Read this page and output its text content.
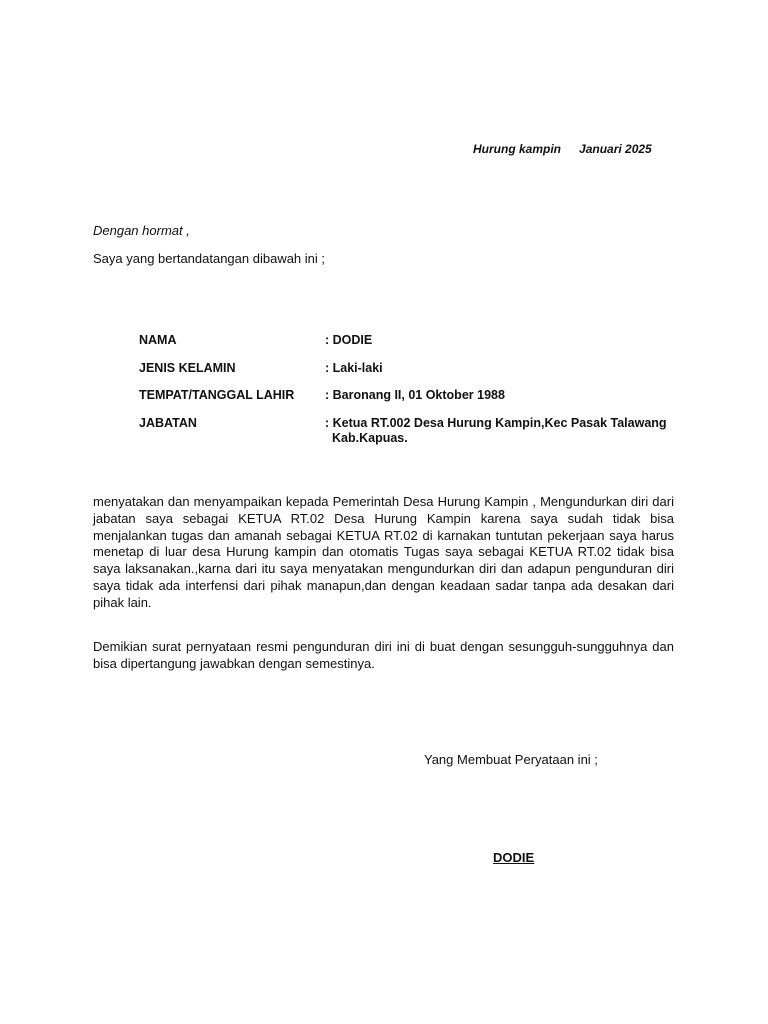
Hurung kampin Januari 2025
Dengan hormat ,
Saya yang bertandatangan dibawah ini ;
NAMA	: DODIE
JENIS KELAMIN	: Laki-laki
TEMPAT/TANGGAL LAHIR	: Baronang II, 01 Oktober 1988
JABATAN	: Ketua RT.002 Desa Hurung Kampin,Kec Pasak Talawang
Kab.Kapuas.
menyatakan dan menyampaikan kepada Pemerintah Desa Hurung Kampin , Mengundurkan diri dari jabatan saya sebagai KETUA RT.02 Desa Hurung Kampin karena saya sudah tidak bisa menjalankan tugas dan amanah sebagai KETUA RT.02 di karnakan tuntutan pekerjaan saya harus menetap di luar desa Hurung kampin dan otomatis Tugas saya sebagai KETUA RT.02 tidak bisa saya laksanakan.,karna dari itu saya menyatakan mengundurkan diri dan adapun pengunduran diri saya tidak ada interfensi dari pihak manapun,dan dengan keadaan sadar tanpa ada desakan dari pihak lain.
Demikian surat pernyataan resmi pengunduran diri ini di buat dengan sesungguh-sungguhnya dan bisa dipertangung jawabkan dengan semestinya.
Yang Membuat Peryataan ini ;
DODIE
